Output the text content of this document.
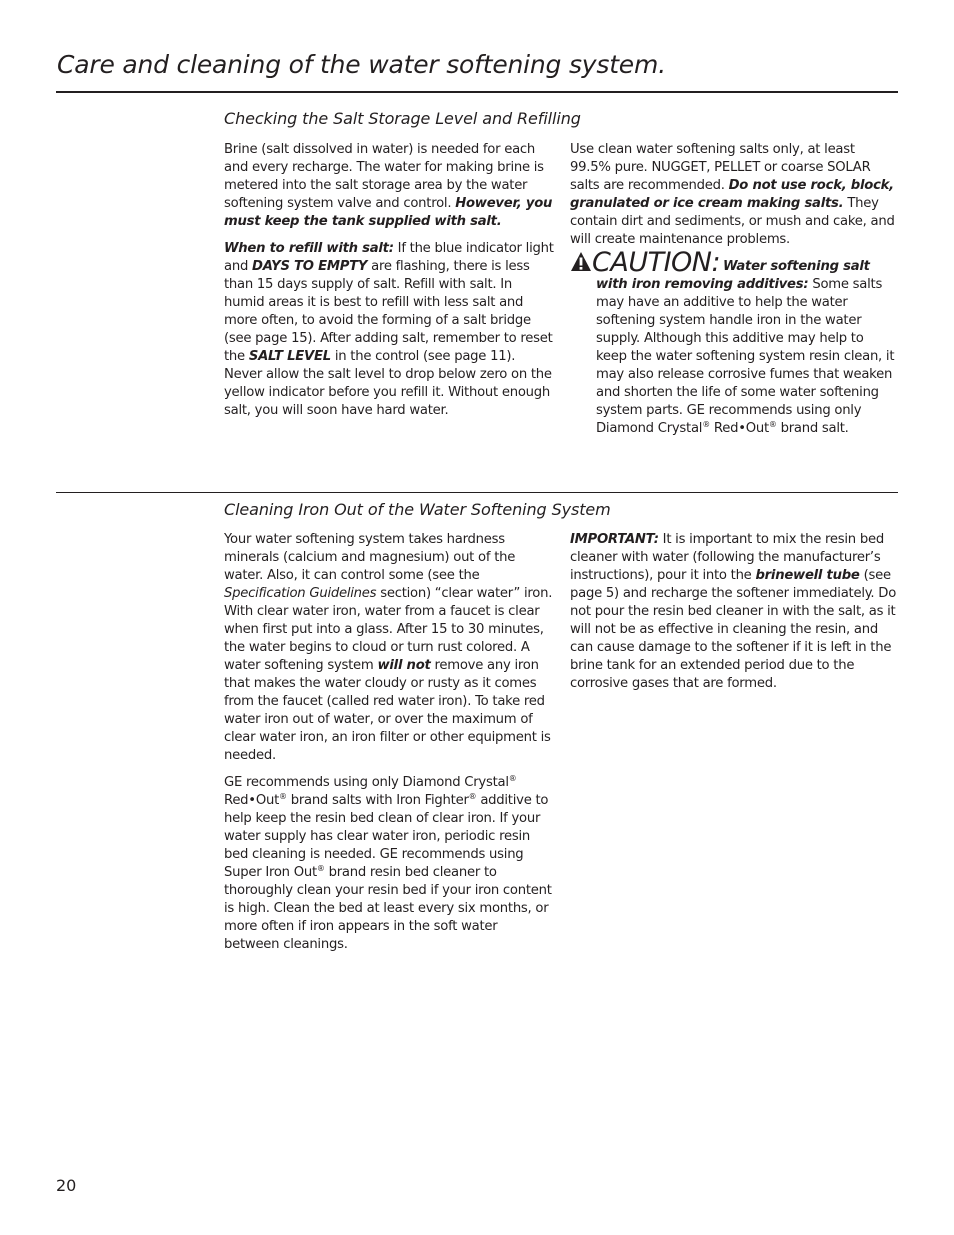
Care and cleaning of the water softening system.
Checking the Salt Storage Level and Refilling

Brine (salt dissolved in water) is needed for each and every recharge. The water for making brine is metered into the salt storage area by the water softening system valve and control. However, you must keep the tank supplied with salt.

When to refill with salt: If the blue indicator light and DAYS TO EMPTY are flashing, there is less than 15 days supply of salt. Refill with salt. In humid areas it is best to refill with less salt and more often, to avoid the forming of a salt bridge (see page 15). After adding salt, remember to reset the SALT LEVEL in the control (see page 11). Never allow the salt level to drop below zero on the yellow indicator before you refill it. Without enough salt, you will soon have hard water.

Use clean water softening salts only, at least 99.5% pure. NUGGET, PELLET or coarse SOLAR salts are recommended. Do not use rock, block, granulated or ice cream making salts. They contain dirt and sediments, or mush and cake, and will create maintenance problems.

CAUTION: Water softening salt with iron removing additives: Some salts may have an additive to help the water softening system handle iron in the water supply. Although this additive may help to keep the water softening system resin clean, it may also release corrosive fumes that weaken and shorten the life of some water softening system parts. GE recommends using only Diamond Crystal® Red•Out® brand salt.
Cleaning Iron Out of the Water Softening System

Your water softening system takes hardness minerals (calcium and magnesium) out of the water. Also, it can control some (see the Specification Guidelines section) “clear water” iron. With clear water iron, water from a faucet is clear when first put into a glass. After 15 to 30 minutes, the water begins to cloud or turn rust colored. A water softening system will not remove any iron that makes the water cloudy or rusty as it comes from the faucet (called red water iron). To take red water iron out of water, or over the maximum of clear water iron, an iron filter or other equipment is needed.

GE recommends using only Diamond Crystal® Red•Out® brand salts with Iron Fighter® additive to help keep the resin bed clean of clear iron. If your water supply has clear water iron, periodic resin bed cleaning is needed. GE recommends using Super Iron Out® brand resin bed cleaner to thoroughly clean your resin bed if your iron content is high. Clean the bed at least every six months, or more often if iron appears in the soft water between cleanings.

IMPORTANT: It is important to mix the resin bed cleaner with water (following the manufacturer’s instructions), pour it into the brinewell tube (see page 5) and recharge the softener immediately. Do not pour the resin bed cleaner in with the salt, as it will not be as effective in cleaning the resin, and can cause damage to the softener if it is left in the brine tank for an extended period due to the corrosive gases that are formed.

20
